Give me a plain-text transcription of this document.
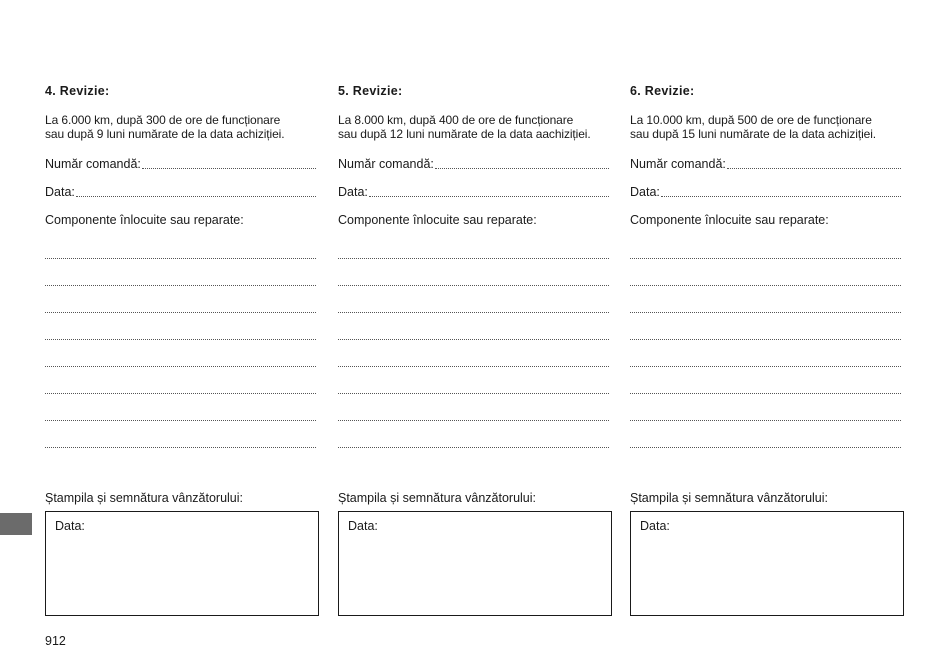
4. Revizie:
La 6.000 km, după 300 de ore de funcționare
sau după 9 luni numărate de la data achiziției.
Număr comandă:
Data:
Componente înlocuite sau reparate:
5. Revizie:
La 8.000 km, după 400 de ore de funcționare
sau după 12 luni numărate de la data aachiziției.
Număr comandă:
Data:
Componente înlocuite sau reparate:
6. Revizie:
La 10.000 km, după 500 de ore de funcționare
sau după 15 luni numărate de la data achiziției.
Număr comandă:
Data:
Componente înlocuite sau reparate:
Ștampila și semnătura vânzătorului:	Ștampila și semnătura vânzătorului:	Ștampila și semnătura vânzătorului:
Data:	Data:	Data:
912
